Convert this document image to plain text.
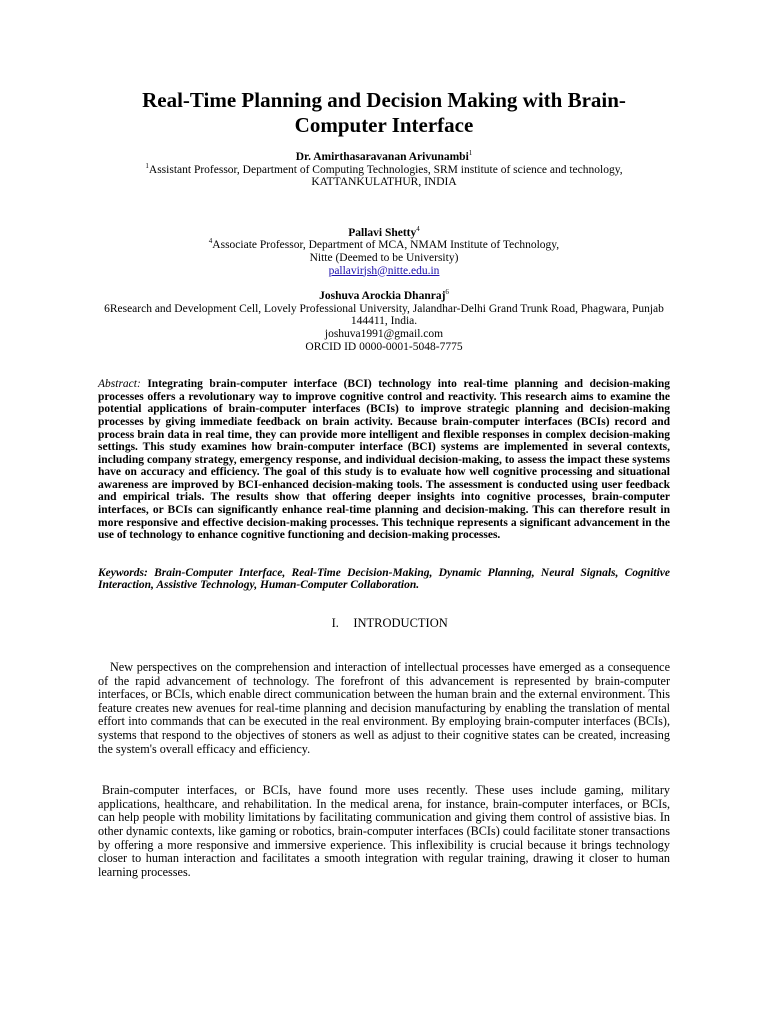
Real-Time Planning and Decision Making with Brain-Computer Interface
Dr. Amirthasaravanan Arivunambi$^1$
$^1$Assistant Professor, Department of Computing Technologies, SRM institute of science and technology,
KATTANKULATHUR, INDIA
Pallavi Shetty$^4$
$^4$Associate Professor, Department of MCA, NMAM Institute of Technology,
Nitte (Deemed to be University)
pallavirjsh@nitte.edu.in
Joshuva Arockia Dhanraj$^6$
6Research and Development Cell, Lovely Professional University, Jalandhar-Delhi Grand Trunk Road, Phagwara, Punjab
144411, India.
joshuva1991@gmail.com
ORCID ID 0000-0001-5048-7775

Abstract: Integrating brain-computer interface (BCI) technology into real-time planning and decision-making processes offers a revolutionary way to improve cognitive control and reactivity. This research aims to examine the potential applications of brain-computer interfaces (BCIs) to improve strategic planning and decision-making processes by giving immediate feedback on brain activity. Because brain-computer interfaces (BCIs) record and process brain data in real time, they can provide more intelligent and flexible responses in complex decision-making settings. This study examines how brain-computer interface (BCI) systems are implemented in several contexts, including company strategy, emergency response, and individual decision-making, to assess the impact these systems have on accuracy and efficiency. The goal of this study is to evaluate how well cognitive processing and situational awareness are improved by BCI-enhanced decision-making tools. The assessment is conducted using user feedback and empirical trials. The results show that offering deeper insights into cognitive processes, brain-computer interfaces, or BCIs can significantly enhance real-time planning and decision-making. This can therefore result in more responsive and effective decision-making processes. This technique represents a significant advancement in the use of technology to enhance cognitive functioning and decision-making processes.

Keywords: Brain-Computer Interface, Real-Time Decision-Making, Dynamic Planning, Neural Signals, Cognitive Interaction, Assistive Technology, Human-Computer Collaboration.

I. INTRODUCTION

New perspectives on the comprehension and interaction of intellectual processes have emerged as a consequence of the rapid advancement of technology. The forefront of this advancement is represented by brain-computer interfaces, or BCIs, which enable direct communication between the human brain and the external environment. This feature creates new avenues for real-time planning and decision manufacturing by enabling the translation of mental effort into commands that can be executed in the real environment. By employing brain-computer interfaces (BCIs), systems that respond to the objectives of stoners as well as adjust to their cognitive states can be created, increasing the system's overall efficacy and efficiency.

Brain-computer interfaces, or BCIs, have found more uses recently. These uses include gaming, military applications, healthcare, and rehabilitation. In the medical arena, for instance, brain-computer interfaces, or BCIs, can help people with mobility limitations by facilitating communication and giving them control of assistive bias. In other dynamic contexts, like gaming or robotics, brain-computer interfaces (BCIs) could facilitate stoner transactions by offering a more responsive and immersive experience. This inflexibility is crucial because it brings technology closer to human interaction and facilitates a smooth integration with regular training, drawing it closer to human learning processes.
